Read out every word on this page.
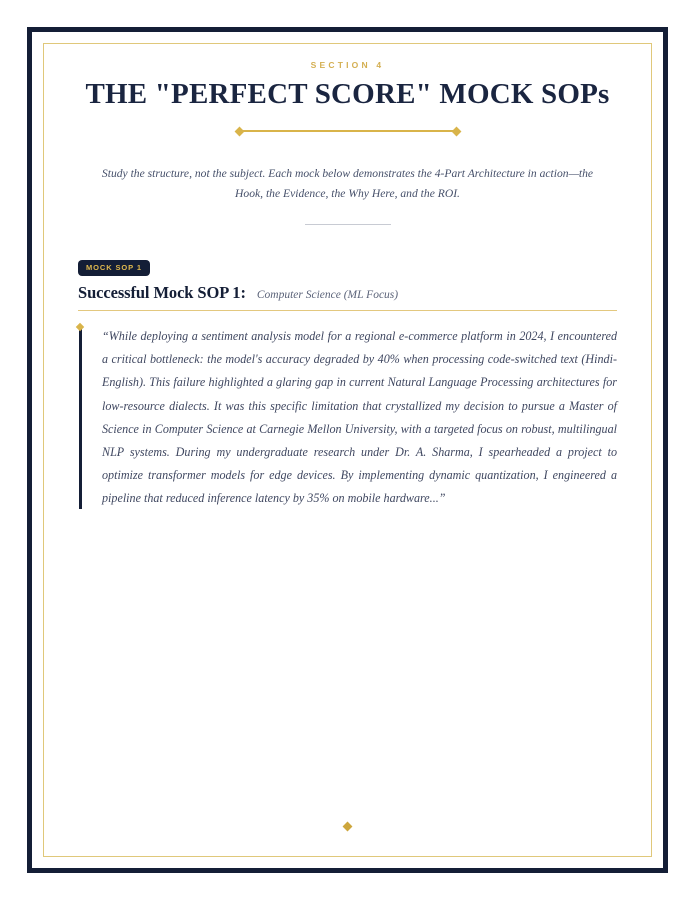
SECTION 4
THE "PERFECT SCORE" MOCK SOPs

Study the structure, not the subject. Each mock below demonstrates the 4-Part Architecture in action—the Hook, the Evidence, the Why Here, and the ROI.

MOCK SOP 1
Successful Mock SOP 1: Computer Science (ML Focus)

“While deploying a sentiment analysis model for a regional e-commerce platform in 2024, I encountered a critical bottleneck: the model's accuracy degraded by 40% when processing code-switched text (Hindi-English). This failure highlighted a glaring gap in current Natural Language Processing architectures for low-resource dialects. It was this specific limitation that crystallized my decision to pursue a Master of Science in Computer Science at Carnegie Mellon University, with a targeted focus on robust, multilingual NLP systems. During my undergraduate research under Dr. A. Sharma, I spearheaded a project to optimize transformer models for edge devices. By implementing dynamic quantization, I engineered a pipeline that reduced inference latency by 35% on mobile hardware...”
